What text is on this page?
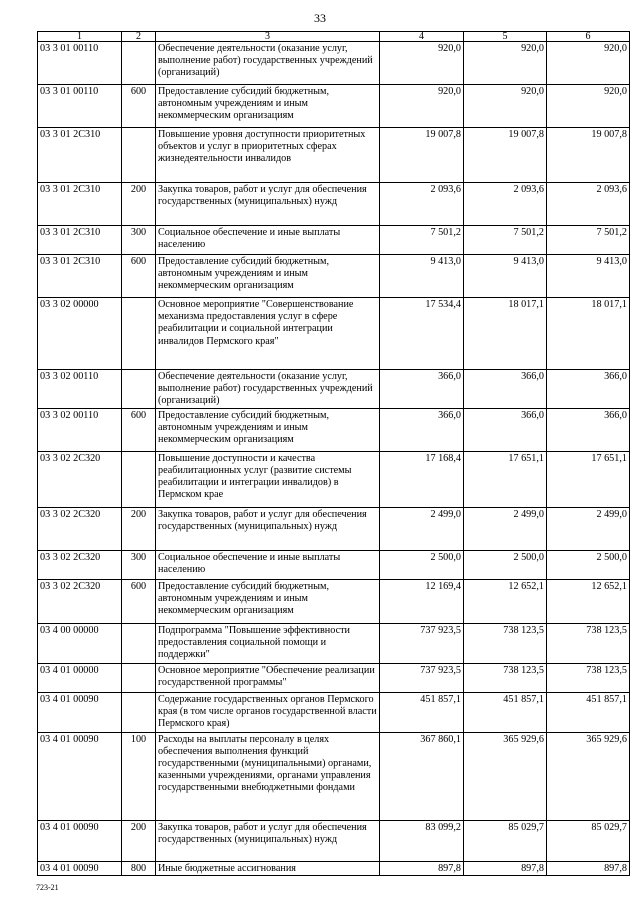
33
1	2	3	4	5	6
03 3 01 00110		Обеспечение деятельности (оказание услуг, выполнение работ) государственных учреждений (организаций)	920,0	920,0	920,0
03 3 01 00110	600	Предоставление субсидий бюджетным, автономным учреждениям и иным некоммерческим организациям	920,0	920,0	920,0
03 3 01 2C310		Повышение уровня доступности приоритетных объектов и услуг в приоритетных сферах жизнедеятельности инвалидов	19 007,8	19 007,8	19 007,8
03 3 01 2C310	200	Закупка товаров, работ и услуг для обеспечения государственных (муниципальных) нужд	2 093,6	2 093,6	2 093,6
03 3 01 2C310	300	Социальное обеспечение и иные выплаты населению	7 501,2	7 501,2	7 501,2
03 3 01 2C310	600	Предоставление субсидий бюджетным, автономным учреждениям и иным некоммерческим организациям	9 413,0	9 413,0	9 413,0
03 3 02 00000		Основное мероприятие "Совершенствование механизма предоставления услуг в сфере реабилитации и социальной интеграции инвалидов Пермского края"	17 534,4	18 017,1	18 017,1
03 3 02 00110		Обеспечение деятельности (оказание услуг, выполнение работ) государственных учреждений (организаций)	366,0	366,0	366,0
03 3 02 00110	600	Предоставление субсидий бюджетным, автономным учреждениям и иным некоммерческим организациям	366,0	366,0	366,0
03 3 02 2C320		Повышение доступности и качества реабилитационных услуг (развитие системы реабилитации и интеграции инвалидов) в Пермском крае	17 168,4	17 651,1	17 651,1
03 3 02 2C320	200	Закупка товаров, работ и услуг для обеспечения государственных (муниципальных) нужд	2 499,0	2 499,0	2 499,0
03 3 02 2C320	300	Социальное обеспечение и иные выплаты населению	2 500,0	2 500,0	2 500,0
03 3 02 2C320	600	Предоставление субсидий бюджетным, автономным учреждениям и иным некоммерческим организациям	12 169,4	12 652,1	12 652,1
03 4 00 00000		Подпрограмма "Повышение эффективности предоставления социальной помощи и поддержки"	737 923,5	738 123,5	738 123,5
03 4 01 00000		Основное мероприятие "Обеспечение реализации государственной программы"	737 923,5	738 123,5	738 123,5
03 4 01 00090		Содержание государственных органов Пермского края (в том числе органов государственной власти Пермского края)	451 857,1	451 857,1	451 857,1
03 4 01 00090	100	Расходы на выплаты персоналу в целях обеспечения выполнения функций государственными (муниципальными) органами, казенными учреждениями, органами управления государственными внебюджетными фондами	367 860,1	365 929,6	365 929,6
03 4 01 00090	200	Закупка товаров, работ и услуг для обеспечения государственных (муниципальных) нужд	83 099,2	85 029,7	85 029,7
03 4 01 00090	800	Иные бюджетные ассигнования	897,8	897,8	897,8
723-21
